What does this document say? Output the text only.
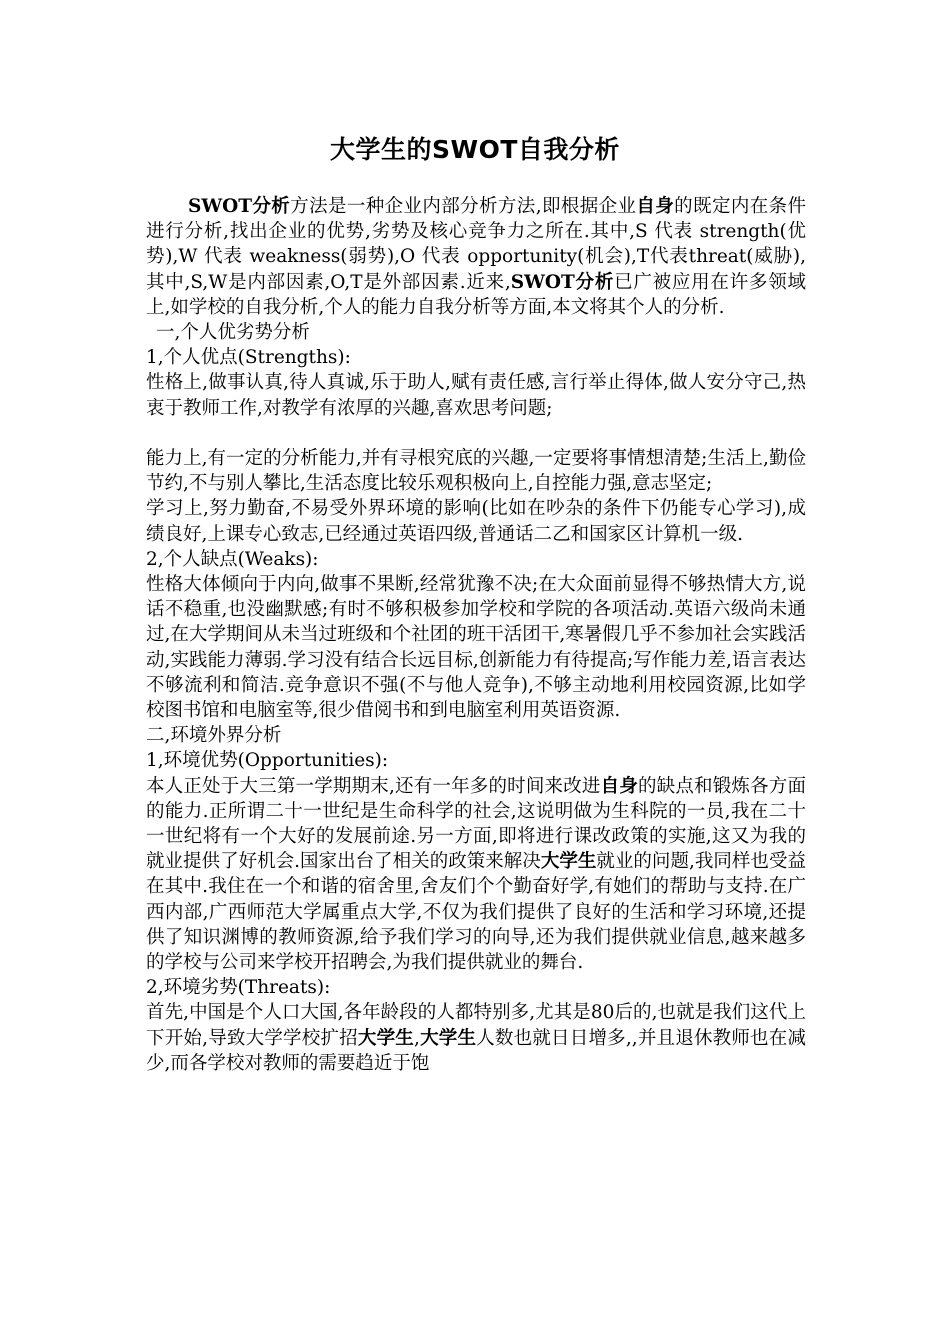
大学生的SWOT自我分析

SWOT分析方法是一种企业内部分析方法,即根据企业自身的既定内在条件进行分析,找出企业的优势,劣势及核心竞争力之所在.其中,S 代表 strength(优势),W 代表 weakness(弱势),O 代表 opportunity(机会),T代表threat(威胁),其中,S,W是内部因素,O,T是外部因素.近来,SWOT分析已广被应用在许多领域上,如学校的自我分析,个人的能力自我分析等方面,本文将其个人的分析.

一,个人优劣势分析

1,个人优点(Strengths):

性格上,做事认真,待人真诚,乐于助人,赋有责任感,言行举止得体,做人安分守己,热衷于教师工作,对教学有浓厚的兴趣,喜欢思考问题;

能力上,有一定的分析能力,并有寻根究底的兴趣,一定要将事情想清楚;生活上,勤俭节约,不与别人攀比,生活态度比较乐观积极向上,自控能力强,意志坚定;

学习上,努力勤奋,不易受外界环境的影响(比如在吵杂的条件下仍能专心学习),成绩良好,上课专心致志,已经通过英语四级,普通话二乙和国家区计算机一级.

2,个人缺点(Weaks):

性格大体倾向于内向,做事不果断,经常犹豫不决;在大众面前显得不够热情大方,说话不稳重,也没幽默感;有时不够积极参加学校和学院的各项活动.英语六级尚未通过,在大学期间从未当过班级和个社团的班干活团干,寒暑假几乎不参加社会实践活动,实践能力薄弱.学习没有结合长远目标,创新能力有待提高;写作能力差,语言表达不够流利和简洁.竞争意识不强(不与他人竞争),不够主动地利用校园资源,比如学校图书馆和电脑室等,很少借阅书和到电脑室利用英语资源.

二,环境外界分析

1,环境优势(Opportunities):

本人正处于大三第一学期期末,还有一年多的时间来改进自身的缺点和锻炼各方面的能力.正所谓二十一世纪是生命科学的社会,这说明做为生科院的一员,我在二十一世纪将有一个大好的发展前途.另一方面,即将进行课改政策的实施,这又为我的就业提供了好机会.国家出台了相关的政策来解决大学生就业的问题,我同样也受益在其中.我住在一个和谐的宿舍里,舍友们个个勤奋好学,有她们的帮助与支持.在广西内部,广西师范大学属重点大学,不仅为我们提供了良好的生活和学习环境,还提供了知识渊博的教师资源,给予我们学习的向导,还为我们提供就业信息,越来越多的学校与公司来学校开招聘会,为我们提供就业的舞台.

2,环境劣势(Threats):

首先,中国是个人口大国,各年龄段的人都特别多,尤其是80后的,也就是我们这代上下开始,导致大学学校扩招大学生,大学生人数也就日日增多,,并且退休教师也在减少,而各学校对教师的需要趋近于饱
